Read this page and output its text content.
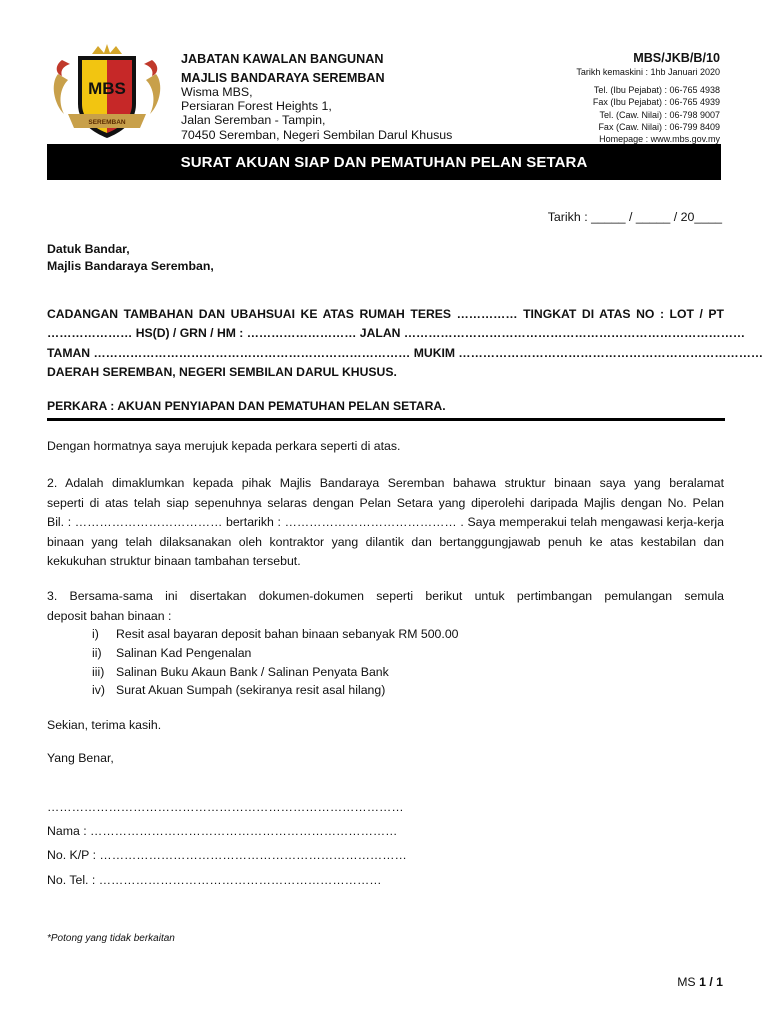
MBS
SEREMBAN
JABATAN KAWALAN BANGUNAN
MAJLIS BANDARAYA SEREMBAN
Wisma MBS,
Persiaran Forest Heights 1,
Jalan Seremban - Tampin,
70450 Seremban, Negeri Sembilan Darul Khusus
MBS/JKB/B/10
Tarikh kemaskini : 1hb Januari 2020
Tel. (Ibu Pejabat) : 06-765 4938
Fax (Ibu Pejabat) : 06-765 4939
Tel. (Caw. Nilai) : 06-798 9007
Fax (Caw. Nilai) : 06-799 8409
Homepage : www.mbs.gov.my
SURAT AKUAN SIAP DAN PEMATUHAN PELAN SETARA
Tarikh : _____ / _____ / 20____
Datuk Bandar,
Majlis Bandaraya Seremban,
CADANGAN TAMBAHAN DAN UBAHSUAI KE ATAS RUMAH TERES …………… TINGKAT DI ATAS NO : LOT / PT
………………… HS(D) / GRN / HM : ……………………… JALAN …………………………………………………………………………
TAMAN …………………………………………………………………… MUKIM …………………………………………………………………
DAERAH SEREMBAN, NEGERI SEMBILAN DARUL KHUSUS.
PERKARA : AKUAN PENYIAPAN DAN PEMATUHAN PELAN SETARA.
Dengan hormatnya saya merujuk kepada perkara seperti di atas.
2. Adalah dimaklumkan kepada pihak Majlis Bandaraya Seremban bahawa struktur binaan saya yang beralamat
seperti di atas telah siap sepenuhnya selaras dengan Pelan Setara yang diperolehi daripada Majlis dengan No. Pelan
Bil. : ……………………………… bertarikh : …………………………………… . Saya memperakui telah mengawasi kerja-kerja
binaan yang telah dilaksanakan oleh kontraktor yang dilantik dan bertanggungjawab penuh ke atas kestabilan dan
kekukuhan struktur binaan tambahan tersebut.
3. Bersama-sama ini disertakan dokumen-dokumen seperti berikut untuk pertimbangan pemulangan semula
deposit bahan binaan :
i)	Resit asal bayaran deposit bahan binaan sebanyak RM 500.00
ii)	Salinan Kad Pengenalan
iii) Salinan Buku Akaun Bank / Salinan Penyata Bank
iv) Surat Akuan Sumpah (sekiranya resit asal hilang)
Sekian, terima kasih.
Yang Benar,
……………………………………………………………………………
Nama : …………………………………………………………………
No. K/P : …………………………………………………………………
No. Tel. : ……………………………………………………………
*Potong yang tidak berkaitan
MS 1 / 1
